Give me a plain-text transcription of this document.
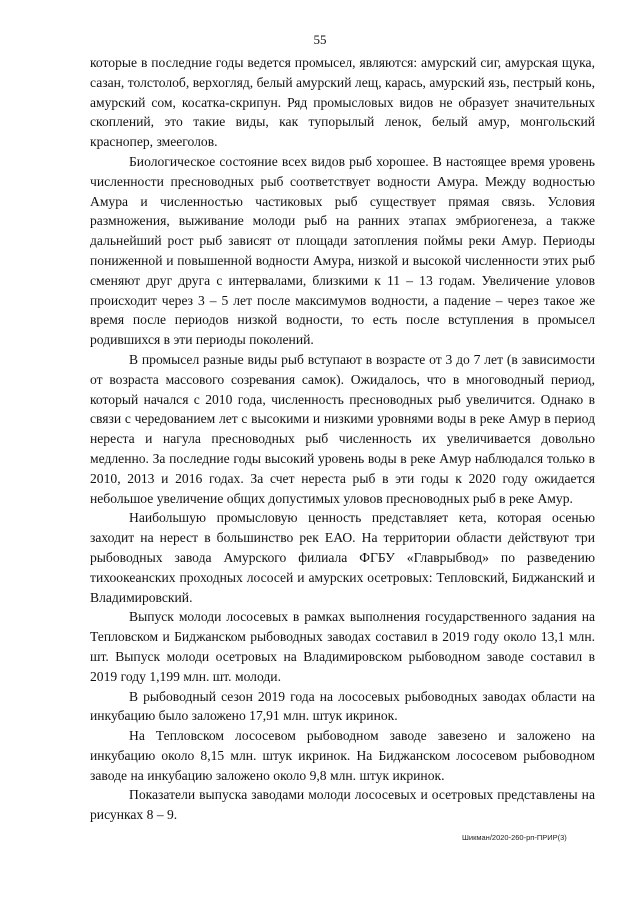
55

которые в последние годы ведется промысел, являются: амурский сиг, амурская щука, сазан, толстолоб, верхогляд, белый амурский лещ, карась, амурский язь, пестрый конь, амурский сом, косатка-скрипун. Ряд промысловых видов не образует значительных скоплений, это такие виды, как тупорылый ленок, белый амур, монгольский краснопер, змееголов.

Биологическое состояние всех видов рыб хорошее. В настоящее время уровень численности пресноводных рыб соответствует водности Амура. Между водностью Амура и численностью частиковых рыб существует прямая связь. Условия размножения, выживание молоди рыб на ранних этапах эмбриогенеза, а также дальнейший рост рыб зависят от площади затопления поймы реки Амур. Периоды пониженной и повышенной водности Амура, низкой и высокой численности этих рыб сменяют друг друга с интервалами, близкими к 11 – 13 годам. Увеличение уловов происходит через 3 – 5 лет после максимумов водности, а падение – через такое же время после периодов низкой водности, то есть после вступления в промысел родившихся в эти периоды поколений.

В промысел разные виды рыб вступают в возрасте от 3 до 7 лет (в зависимости от возраста массового созревания самок). Ожидалось, что в многоводный период, который начался с 2010 года, численность пресноводных рыб увеличится. Однако в связи с чередованием лет с высокими и низкими уровнями воды в реке Амур в период нереста и нагула пресноводных рыб численность их увеличивается довольно медленно. За последние годы высокий уровень воды в реке Амур наблюдался только в 2010, 2013 и 2016 годах. За счет нереста рыб в эти годы к 2020 году ожидается небольшое увеличение общих допустимых уловов пресноводных рыб в реке Амур.

Наибольшую промысловую ценность представляет кета, которая осенью заходит на нерест в большинство рек ЕАО. На территории области действуют три рыбоводных завода Амурского филиала ФГБУ «Главрыбвод» по разведению тихоокеанских проходных лососей и амурских осетровых: Тепловский, Биджанский и Владимировский.

Выпуск молоди лососевых в рамках выполнения государственного задания на Тепловском и Биджанском рыбоводных заводах составил в 2019 году около 13,1 млн. шт. Выпуск молоди осетровых на Владимировском рыбоводном заводе составил в 2019 году 1,199 млн. шт. молоди.

В рыбоводный сезон 2019 года на лососевых рыбоводных заводах области на инкубацию было заложено 17,91 млн. штук икринок.

На Тепловском лососевом рыбоводном заводе завезено и заложено на инкубацию около 8,15 млн. штук икринок. На Биджанском лососевом рыбоводном заводе на инкубацию заложено около 9,8 млн. штук икринок.

Показатели выпуска заводами молоди лососевых и осетровых представлены на рисунках 8 – 9.

Шикман/2020-260-рп-ПРИР(3)
